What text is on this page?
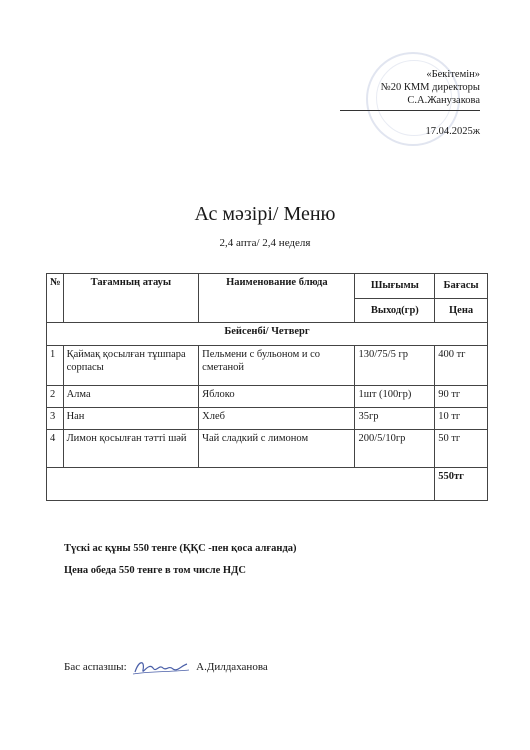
«Бекітемін»
№20 КММ директоры
С.А.Жанузакова
17.04.2025ж
Ас мәзірі/ Меню
2,4 апта/ 2,4 неделя
№	Тағамның атауы	Наименование блюда	Шығымы	Бағасы
			Выход(гр)	Цена
Бейсенбі/ Четверг				
1	Қаймақ қосылған тұшпара сорпасы	Пельмени с бульоном и со сметаной	130/75/5 гр	400 тг
2	Алма	Яблоко	1шт (100гр)	90 тг
3	Нан	Хлеб	35гр	10 тг
4	Лимон қосылған тәтті шәй	Чай сладкий с лимоном	200/5/10гр	50 тг
				550тг
Түскі ас құны 550 тенге (ҚҚС -пен қоса алғанда)
Цена обеда 550 тенге в том числе НДС
Бас аспазшы:	А.Дилдаханова
